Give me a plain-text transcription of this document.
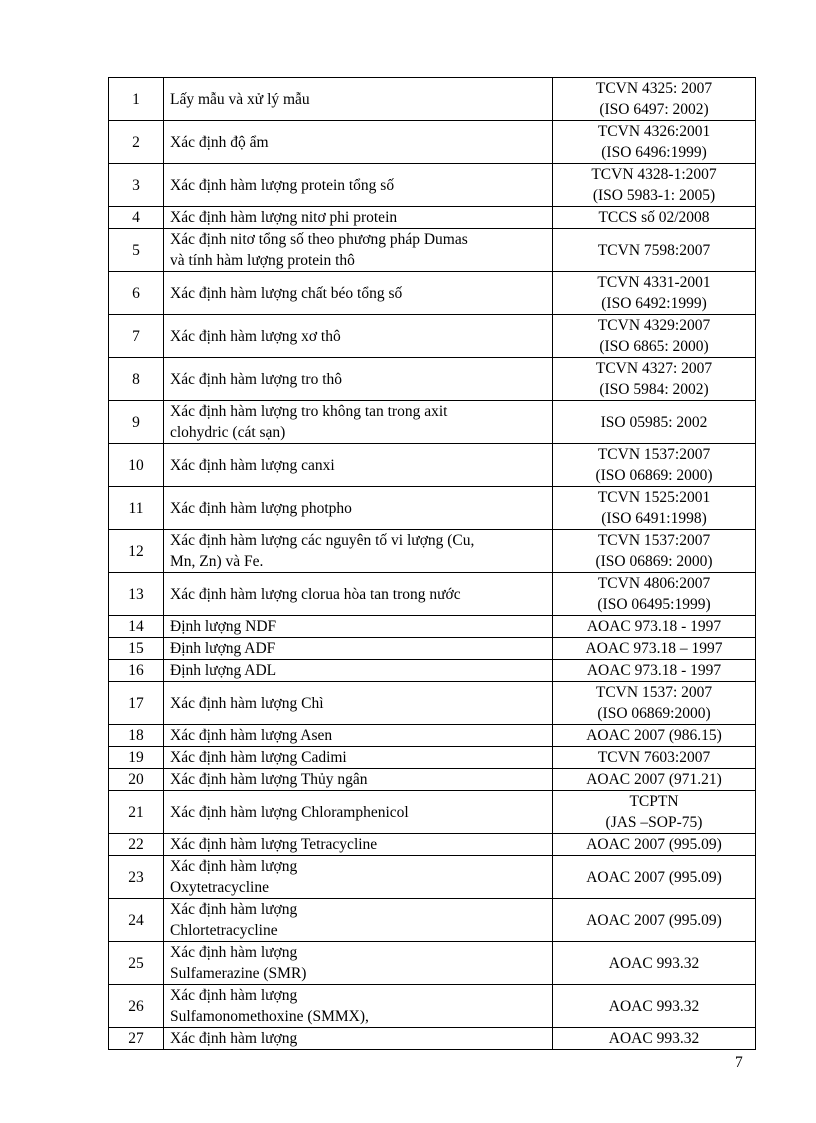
1	Lấy mẫu và xử lý mẫu	TCVN 4325: 2007
(ISO 6497: 2002)

2	Xác định độ ẩm	TCVN 4326:2001
(ISO 6496:1999)

3	Xác định hàm lượng protein tổng số	TCVN 4328-1:2007
(ISO 5983-1: 2005)

4	Xác định hàm lượng nitơ phi protein	TCCS số 02/2008

5	Xác định nitơ tổng số theo phương pháp Dumas
và tính hàm lượng protein thô	TCVN 7598:2007

6	Xác định hàm lượng chất béo tổng số	TCVN 4331-2001
(ISO 6492:1999)

7	Xác định hàm lượng xơ thô	TCVN 4329:2007
(ISO 6865: 2000)

8	Xác định hàm lượng tro thô	TCVN 4327: 2007
(ISO 5984: 2002)

9	Xác định hàm lượng tro không tan trong axit
clohydric (cát sạn)	ISO 05985: 2002

10	Xác định hàm lượng canxi	TCVN 1537:2007
(ISO 06869: 2000)

11	Xác định hàm lượng photpho	TCVN 1525:2001
(ISO 6491:1998)

12	Xác định hàm lượng các nguyên tố vi lượng (Cu,
Mn, Zn) và Fe.	TCVN 1537:2007
(ISO 06869: 2000)

13	Xác định hàm lượng clorua hòa tan trong nước	TCVN 4806:2007
(ISO 06495:1999)

14	Định lượng NDF	AOAC 973.18 - 1997

15	Định lượng ADF	AOAC 973.18 – 1997

16	Định lượng ADL	AOAC 973.18 - 1997

17	Xác định hàm lượng Chì	TCVN 1537: 2007
(ISO 06869:2000)

18	Xác định hàm lượng Asen	AOAC 2007 (986.15)

19	Xác định hàm lượng Cadimi	TCVN 7603:2007

20	Xác định hàm lượng Thủy ngân	AOAC 2007 (971.21)

21	Xác định hàm lượng Chloramphenicol	TCPTN
(JAS –SOP-75)

22	Xác định hàm lượng Tetracycline	AOAC 2007 (995.09)

23	Xác định hàm lượng
Oxytetracycline	AOAC 2007 (995.09)

24	Xác định hàm lượng
Chlortetracycline	AOAC 2007 (995.09)

25	Xác định hàm lượng
Sulfamerazine (SMR)	AOAC 993.32

26	Xác định hàm lượng
Sulfamonomethoxine (SMMX),	AOAC 993.32

27	Xác định hàm lượng	AOAC 993.32
7
